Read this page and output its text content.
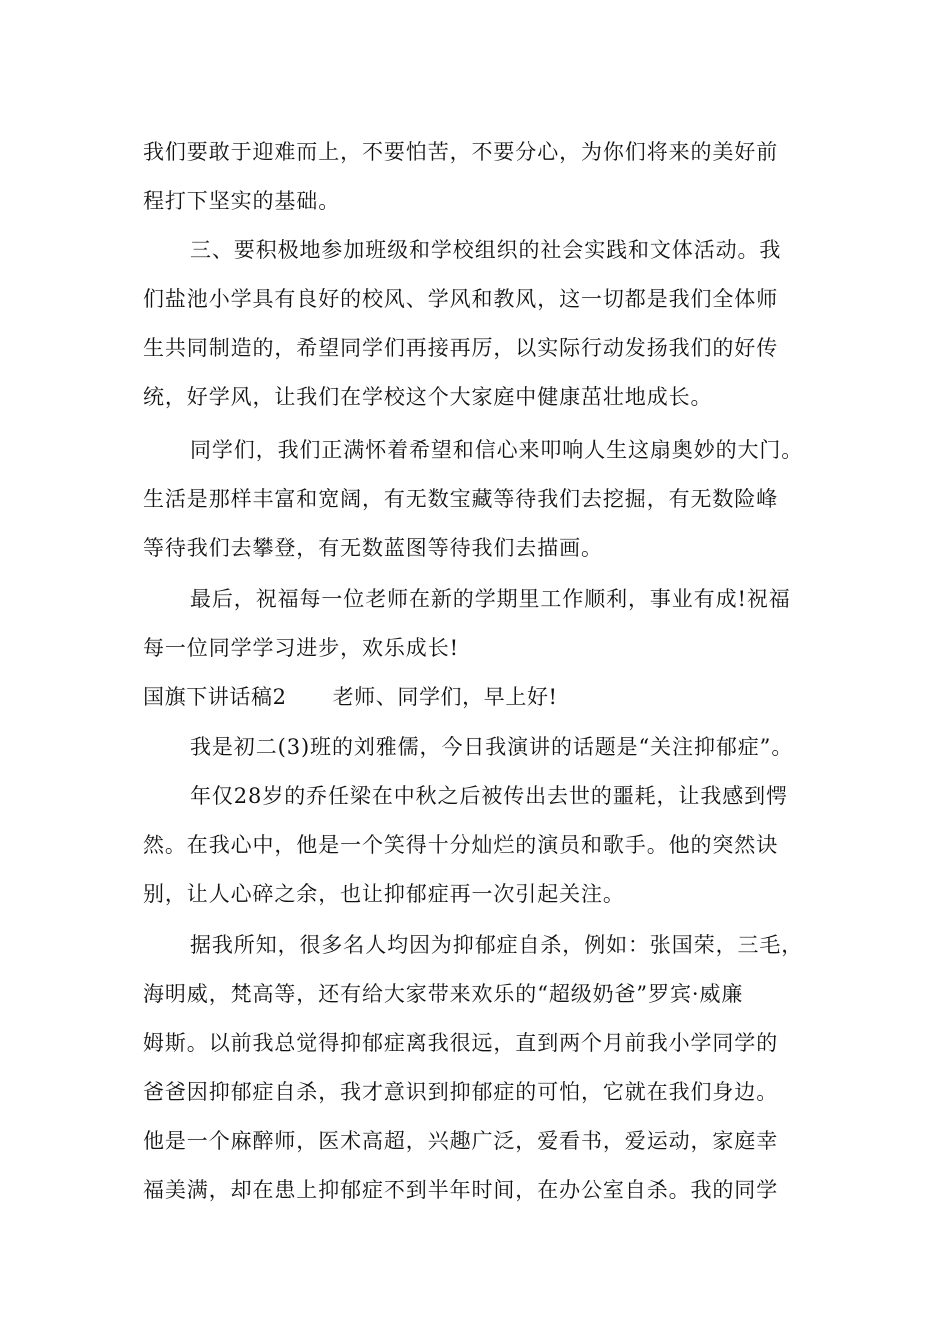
我们要敢于迎难而上，不要怕苦，不要分心，为你们将来的美好前
程打下坚实的基础。
三、要积极地参加班级和学校组织的社会实践和文体活动。我
们盐池小学具有良好的校风、学风和教风，这一切都是我们全体师
生共同制造的，希望同学们再接再厉，以实际行动发扬我们的好传
统，好学风，让我们在学校这个大家庭中健康茁壮地成长。
同学们，我们正满怀着希望和信心来叩响人生这扇奥妙的大门。
生活是那样丰富和宽阔，有无数宝藏等待我们去挖掘，有无数险峰
等待我们去攀登，有无数蓝图等待我们去描画。
最后，祝福每一位老师在新的学期里工作顺利，事业有成!祝福
每一位同学学习进步，欢乐成长!
国旗下讲话稿2 老师、同学们，早上好!
我是初二(3)班的刘雅儒，今日我演讲的话题是“关注抑郁症”。
年仅28岁的乔任梁在中秋之后被传出去世的噩耗，让我感到愕
然。在我心中，他是一个笑得十分灿烂的演员和歌手。他的突然诀
别，让人心碎之余，也让抑郁症再一次引起关注。
据我所知，很多名人均因为抑郁症自杀，例如：张国荣，三毛，
海明威，梵高等，还有给大家带来欢乐的“超级奶爸”罗宾·威廉
姆斯。以前我总觉得抑郁症离我很远，直到两个月前我小学同学的
爸爸因抑郁症自杀，我才意识到抑郁症的可怕，它就在我们身边。
他是一个麻醉师，医术高超，兴趣广泛，爱看书，爱运动，家庭幸
福美满，却在患上抑郁症不到半年时间，在办公室自杀。我的同学
